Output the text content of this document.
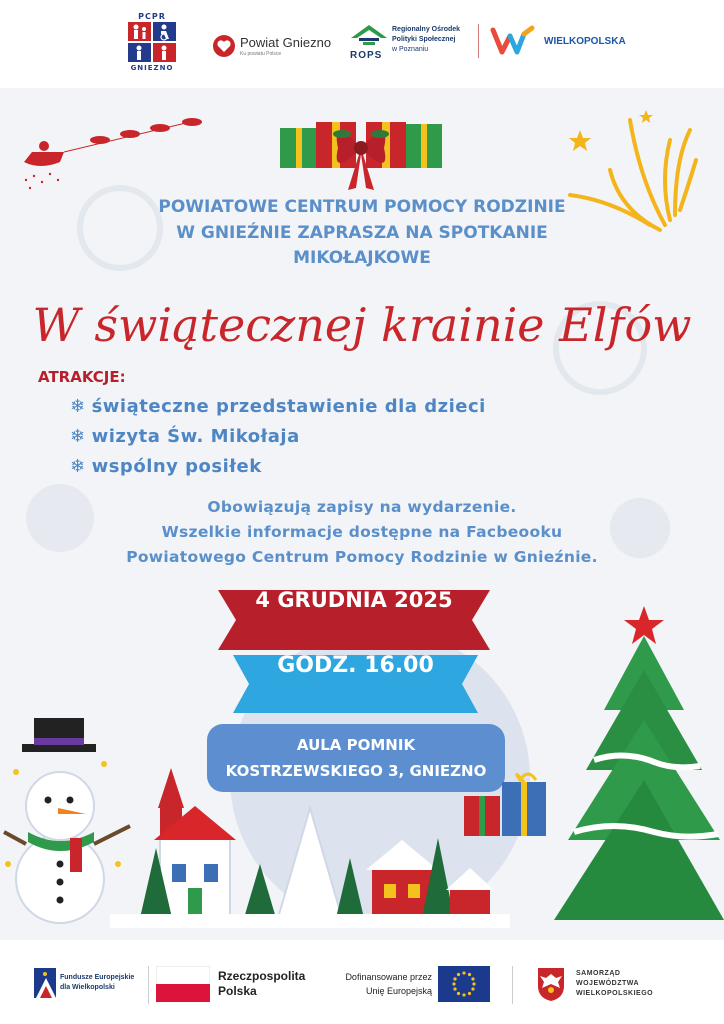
PCPR
GNIEZNO
Powiat Gniezno
Ku powiatu Polsce	ROPS
Regionalny Ośrodek
Polityki Społecznej
w Poznaniu
WIELKOPOLSKA
POWIATOWE CENTRUM POMOCY RODZINIE
W GNIEŹNIE ZAPRASZA NA SPOTKANIE
MIKOŁAJKOWE
W świątecznej krainie Elfów
ATRAKCJE:
❄ świąteczne przedstawienie dla dzieci
❄ wizyta Św. Mikołaja
❄ wspólny posiłek
Obowiązują zapisy na wydarzenie.
Wszelkie informacje dostępne na Facbeooku
Powiatowego Centrum Pomocy Rodzinie w Gnieźnie.
4 GRUDNIA 2025
GODZ. 16.00
AULA POMNIK
KOSTRZEWSKIEGO 3, GNIEZNO
Fundusze Europejskie
dla Wielkopolski
Rzeczpospolita
Polska
Dofinansowane przez
Unię Europejską
SAMORZĄD
WOJEWÓDZTWA
WIELKOPOLSKIEGO
